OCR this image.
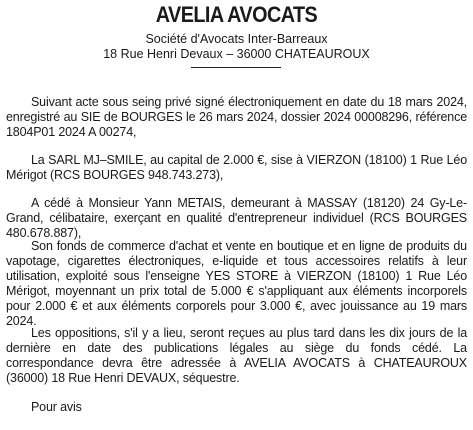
AVELIA AVOCATS
Société d'Avocats Inter-Barreaux
18 Rue Henri Devaux – 36000 CHATEAUROUX

Suivant acte sous seing privé signé électroniquement en date du 18 mars 2024, enregistré au SIE de BOURGES le 26 mars 2024, dossier 2024 00008296, référence 1804P01 2024 A 00274,

La SARL MJ–SMILE, au capital de 2.000 €, sise à VIERZON (18100) 1 Rue Léo Mérigot (RCS BOURGES 948.743.273),

A cédé à Monsieur Yann METAIS, demeurant à MASSAY (18120) 24 Gy-Le-Grand, célibataire, exerçant en qualité d'entrepreneur individuel (RCS BOURGES 480.678.887),

Son fonds de commerce d'achat et vente en boutique et en ligne de produits du vapotage, cigarettes électroniques, e-liquide et tous accessoires relatifs à leur utilisation, exploité sous l'enseigne YES STORE à VIERZON (18100) 1 Rue Léo Mérigot, moyennant un prix total de 5.000 € s'appliquant aux éléments incorporels pour 2.000 € et aux éléments corporels pour 3.000 €, avec jouissance au 19 mars 2024.

Les oppositions, s'il y a lieu, seront reçues au plus tard dans les dix jours de la dernière en date des publications légales au siège du fonds cédé. La correspondance devra être adressée à AVELIA AVOCATS à CHATEAUROUX (36000) 18 Rue Henri DEVAUX, séquestre.

Pour avis
